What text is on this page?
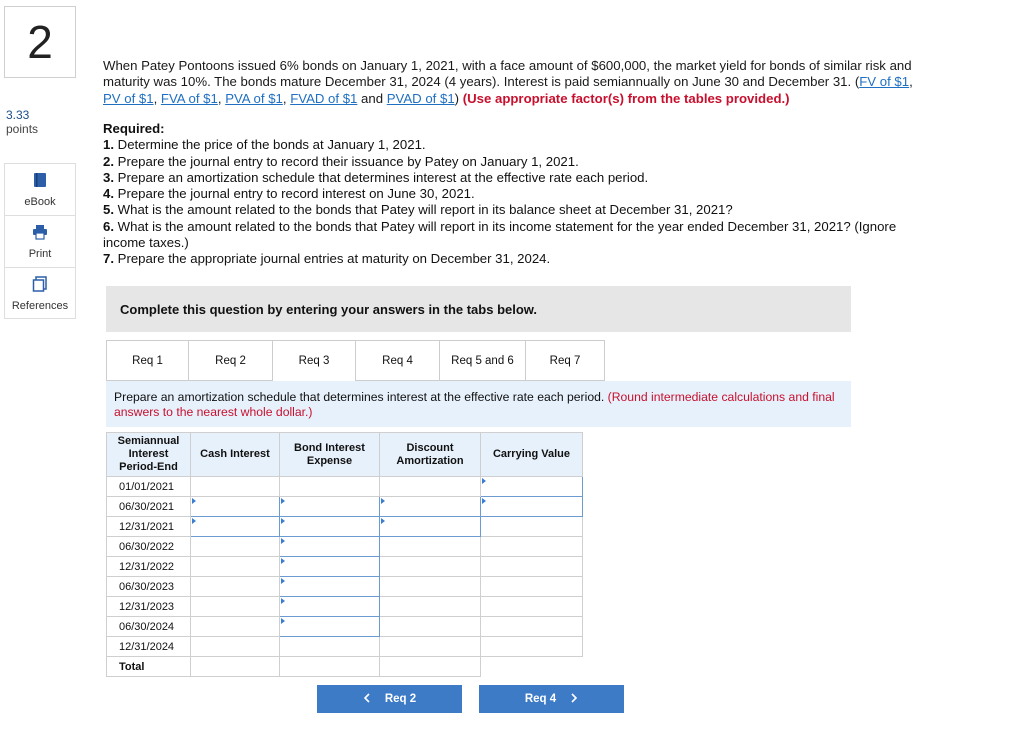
2
3.33
points
eBook
Print
References
When Patey Pontoons issued 6% bonds on January 1, 2021, with a face amount of $600,000, the market yield for bonds of similar risk and maturity was 10%. The bonds mature December 31, 2024 (4 years). Interest is paid semiannually on June 30 and December 31. (FV of $1, PV of $1, FVA of $1, PVA of $1, FVAD of $1 and PVAD of $1) (Use appropriate factor(s) from the tables provided.)
Required:
1. Determine the price of the bonds at January 1, 2021.
2. Prepare the journal entry to record their issuance by Patey on January 1, 2021.
3. Prepare an amortization schedule that determines interest at the effective rate each period.
4. Prepare the journal entry to record interest on June 30, 2021.
5. What is the amount related to the bonds that Patey will report in its balance sheet at December 31, 2021?
6. What is the amount related to the bonds that Patey will report in its income statement for the year ended December 31, 2021? (Ignore income taxes.)
7. Prepare the appropriate journal entries at maturity on December 31, 2024.
Complete this question by entering your answers in the tabs below.
Req 1	Req 2	Req 3	Req 4	Req 5 and 6	Req 7
Prepare an amortization schedule that determines interest at the effective rate each period. (Round intermediate calculations and final answers to the nearest whole dollar.)
Semiannual Interest Period-End	Cash Interest	Bond Interest Expense	Discount Amortization	Carrying Value
01/01/2021				
06/30/2021				
12/31/2021				
06/30/2022				
12/31/2022				
06/30/2023				
12/31/2023				
06/30/2024				
12/31/2024				
Total				
Req 2	Req 4
